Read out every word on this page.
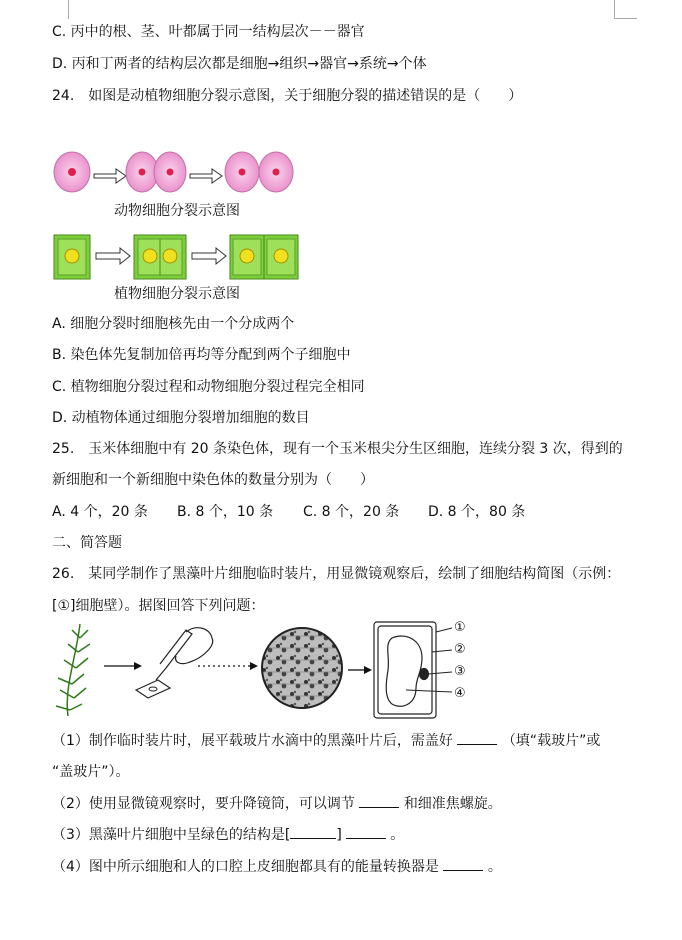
C. 丙中的根、茎、叶都属于同一结构层次－－器官
D. 丙和丁两者的结构层次都是细胞→组织→器官→系统→个体
24.　如图是动植物细胞分裂示意图，关于细胞分裂的描述错误的是（　　）
动物细胞分裂示意图
植物细胞分裂示意图
A. 细胞分裂时细胞核先由一个分成两个
B. 染色体先复制加倍再均等分配到两个子细胞中
C. 植物细胞分裂过程和动物细胞分裂过程完全相同
D. 动植物体通过细胞分裂增加细胞的数目
25.　玉米体细胞中有 20 条染色体，现有一个玉米根尖分生区细胞，连续分裂 3 次，得到的
新细胞和一个新细胞中染色体的数量分别为（　　）
A. 4 个，20 条 B. 8 个，10 条 C. 8 个，20 条 D. 8 个，80 条
二、简答题
26.　某同学制作了黑藻叶片细胞临时装片，用显微镜观察后，绘制了细胞结构简图（示例：
[①]细胞壁）。据图回答下列问题：
①
②
③
④
（1）制作临时装片时，展平载玻片水滴中的黑藻叶片后，需盖好	（填“载玻片”或
“盖玻片”）。
（2）使用显微镜观察时，要升降镜筒，可以调节	和细准焦螺旋。
（3）黑藻叶片细胞中呈绿色的结构是[	]	。
（4）图中所示细胞和人的口腔上皮细胞都具有的能量转换器是	。
